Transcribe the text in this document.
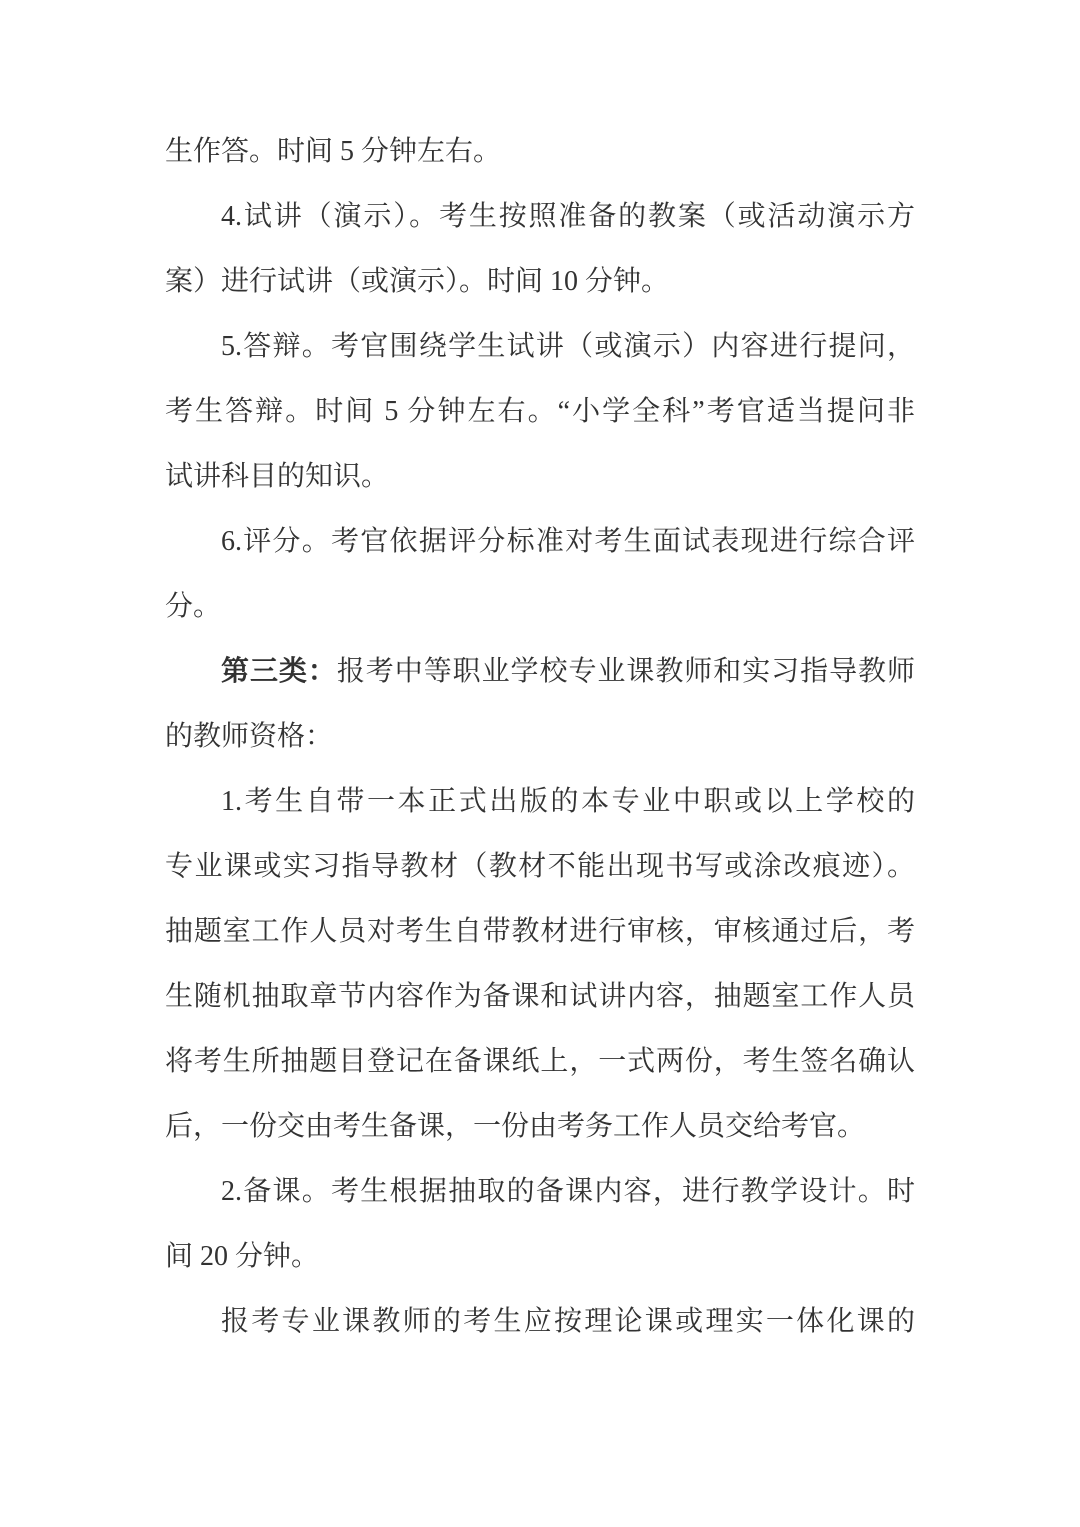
生作答。时间 5 分钟左右。
4.试讲（演示）。考生按照准备的教案（或活动演示方
案）进行试讲（或演示）。时间 10 分钟。
5.答辩。考官围绕学生试讲（或演示）内容进行提问，
考生答辩。时间 5 分钟左右。“小学全科”考官适当提问非
试讲科目的知识。
6.评分。考官依据评分标准对考生面试表现进行综合评
分。
第三类：报考中等职业学校专业课教师和实习指导教师
的教师资格：
1.考生自带一本正式出版的本专业中职或以上学校的
专业课或实习指导教材（教材不能出现书写或涂改痕迹）。
抽题室工作人员对考生自带教材进行审核，审核通过后，考
生随机抽取章节内容作为备课和试讲内容，抽题室工作人员
将考生所抽题目登记在备课纸上，一式两份，考生签名确认
后，一份交由考生备课，一份由考务工作人员交给考官。
2.备课。考生根据抽取的备课内容，进行教学设计。时
间 20 分钟。
报考专业课教师的考生应按理论课或理实一体化课的
